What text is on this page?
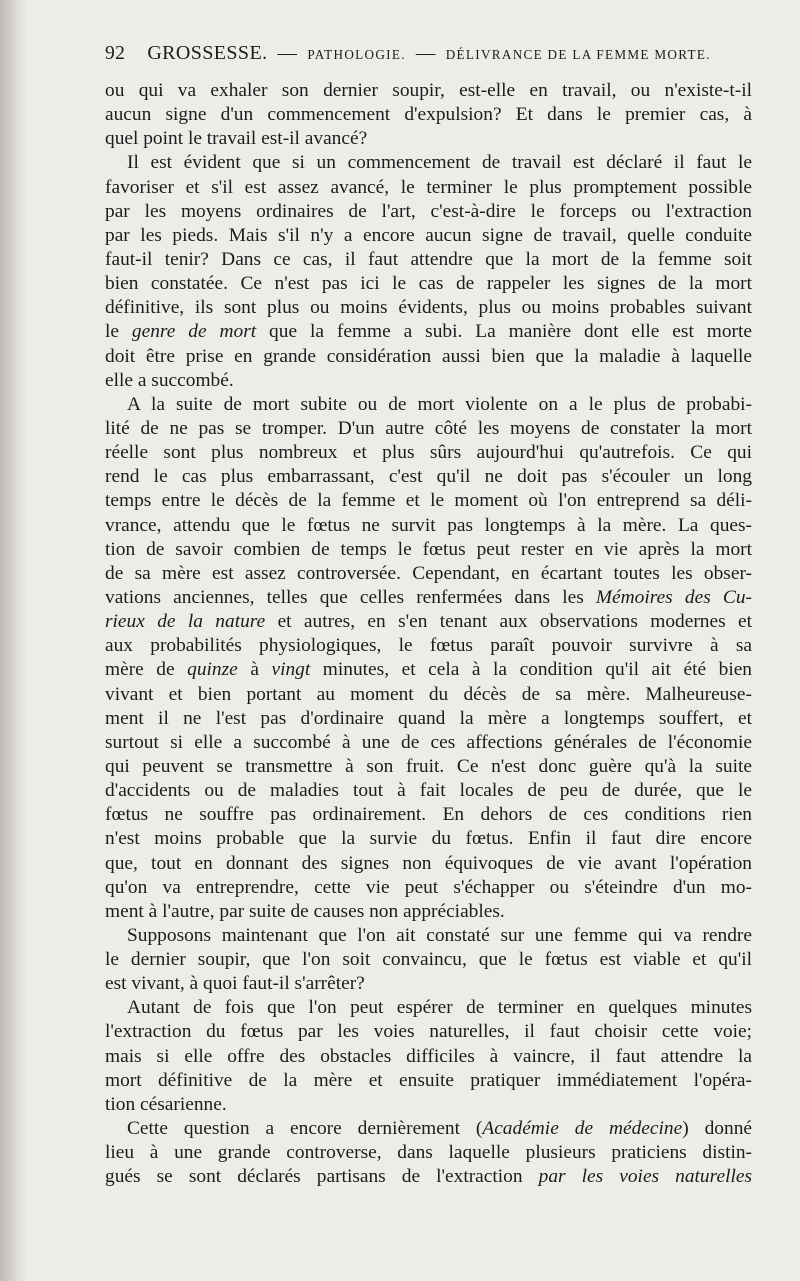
92 GROSSESSE. — PATHOLOGIE. — DÉLIVRANCE DE LA FEMME MORTE.
ou qui va exhaler son dernier soupir, est-elle en travail, ou n'existe-t-il
aucun signe d'un commencement d'expulsion? Et dans le premier cas, à
quel point le travail est-il avancé?
Il est évident que si un commencement de travail est déclaré il faut le
favoriser et s'il est assez avancé, le terminer le plus promptement possible
par les moyens ordinaires de l'art, c'est-à-dire le forceps ou l'extraction
par les pieds. Mais s'il n'y a encore aucun signe de travail, quelle conduite
faut-il tenir? Dans ce cas, il faut attendre que la mort de la femme soit
bien constatée. Ce n'est pas ici le cas de rappeler les signes de la mort
définitive, ils sont plus ou moins évidents, plus ou moins probables suivant
le genre de mort que la femme a subi. La manière dont elle est morte
doit être prise en grande considération aussi bien que la maladie à laquelle
elle a succombé.
A la suite de mort subite ou de mort violente on a le plus de probabi-
lité de ne pas se tromper. D'un autre côté les moyens de constater la mort
réelle sont plus nombreux et plus sûrs aujourd'hui qu'autrefois. Ce qui
rend le cas plus embarrassant, c'est qu'il ne doit pas s'écouler un long
temps entre le décès de la femme et le moment où l'on entreprend sa déli-
vrance, attendu que le fœtus ne survit pas longtemps à la mère. La ques-
tion de savoir combien de temps le fœtus peut rester en vie après la mort
de sa mère est assez controversée. Cependant, en écartant toutes les obser-
vations anciennes, telles que celles renfermées dans les Mémoires des Cu-
rieux de la nature et autres, en s'en tenant aux observations modernes et
aux probabilités physiologiques, le fœtus paraît pouvoir survivre à sa
mère de quinze à vingt minutes, et cela à la condition qu'il ait été bien
vivant et bien portant au moment du décès de sa mère. Malheureuse-
ment il ne l'est pas d'ordinaire quand la mère a longtemps souffert, et
surtout si elle a succombé à une de ces affections générales de l'économie
qui peuvent se transmettre à son fruit. Ce n'est donc guère qu'à la suite
d'accidents ou de maladies tout à fait locales de peu de durée, que le
fœtus ne souffre pas ordinairement. En dehors de ces conditions rien
n'est moins probable que la survie du fœtus. Enfin il faut dire encore
que, tout en donnant des signes non équivoques de vie avant l'opération
qu'on va entreprendre, cette vie peut s'échapper ou s'éteindre d'un mo-
ment à l'autre, par suite de causes non appréciables.
Supposons maintenant que l'on ait constaté sur une femme qui va rendre
le dernier soupir, que l'on soit convaincu, que le fœtus est viable et qu'il
est vivant, à quoi faut-il s'arrêter?
Autant de fois que l'on peut espérer de terminer en quelques minutes
l'extraction du fœtus par les voies naturelles, il faut choisir cette voie;
mais si elle offre des obstacles difficiles à vaincre, il faut attendre la
mort définitive de la mère et ensuite pratiquer immédiatement l'opéra-
tion césarienne.
Cette question a encore dernièrement (Académie de médecine) donné
lieu à une grande controverse, dans laquelle plusieurs praticiens distin-
gués se sont déclarés partisans de l'extraction par les voies naturelles
